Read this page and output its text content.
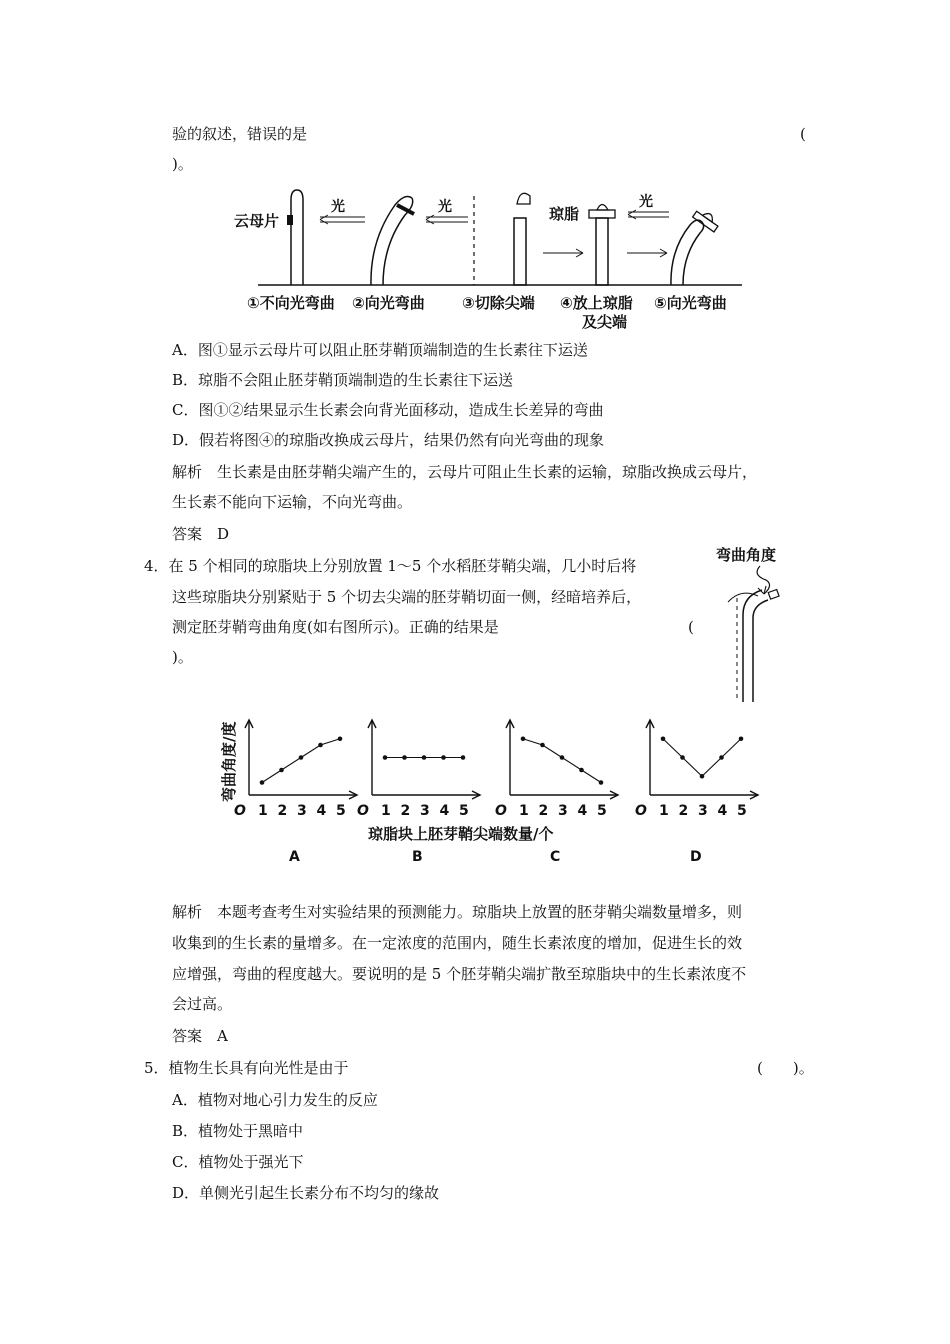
验的叙述，错误的是	(
)。
云母片
光	光	琼脂
光
①不向光弯曲 ②向光弯曲 ③切除尖端 ④放上琼脂
及尖端
⑤向光弯曲
A．图①显示云母片可以阻止胚芽鞘顶端制造的生长素往下运送
B．琼脂不会阻止胚芽鞘顶端制造的生长素往下运送
C．图①②结果显示生长素会向背光面移动，造成生长差异的弯曲
D．假若将图④的琼脂改换成云母片，结果仍然有向光弯曲的现象
解析　生长素是由胚芽鞘尖端产生的，云母片可阻止生长素的运输，琼脂改换成云母片，
生长素不能向下运输，不向光弯曲。
答案　D
4．在 5 个相同的琼脂块上分别放置 1～5 个水稻胚芽鞘尖端，几小时后将
这些琼脂块分别紧贴于 5 个切去尖端的胚芽鞘切面一侧，经暗培养后，
测定胚芽鞘弯曲角度(如右图所示)。正确的结果是	(
)。
弯曲角度
弯曲角度/度
琼脂块上胚芽鞘尖端数量/个
O 1 2 3 4 5
A
O 1 2 3 4 5
B
O 1 2 3 4 5
C
O 1 2 3 4 5
D
解析　本题考查考生对实验结果的预测能力。琼脂块上放置的胚芽鞘尖端数量增多，则
收集到的生长素的量增多。在一定浓度的范围内，随生长素浓度的增加，促进生长的效
应增强，弯曲的程度越大。要说明的是 5 个胚芽鞘尖端扩散至琼脂块中的生长素浓度不
会过高。
答案　A
5．植物生长具有向光性是由于	(　　)。
A．植物对地心引力发生的反应
B．植物处于黑暗中
C．植物处于强光下
D．单侧光引起生长素分布不均匀的缘故
